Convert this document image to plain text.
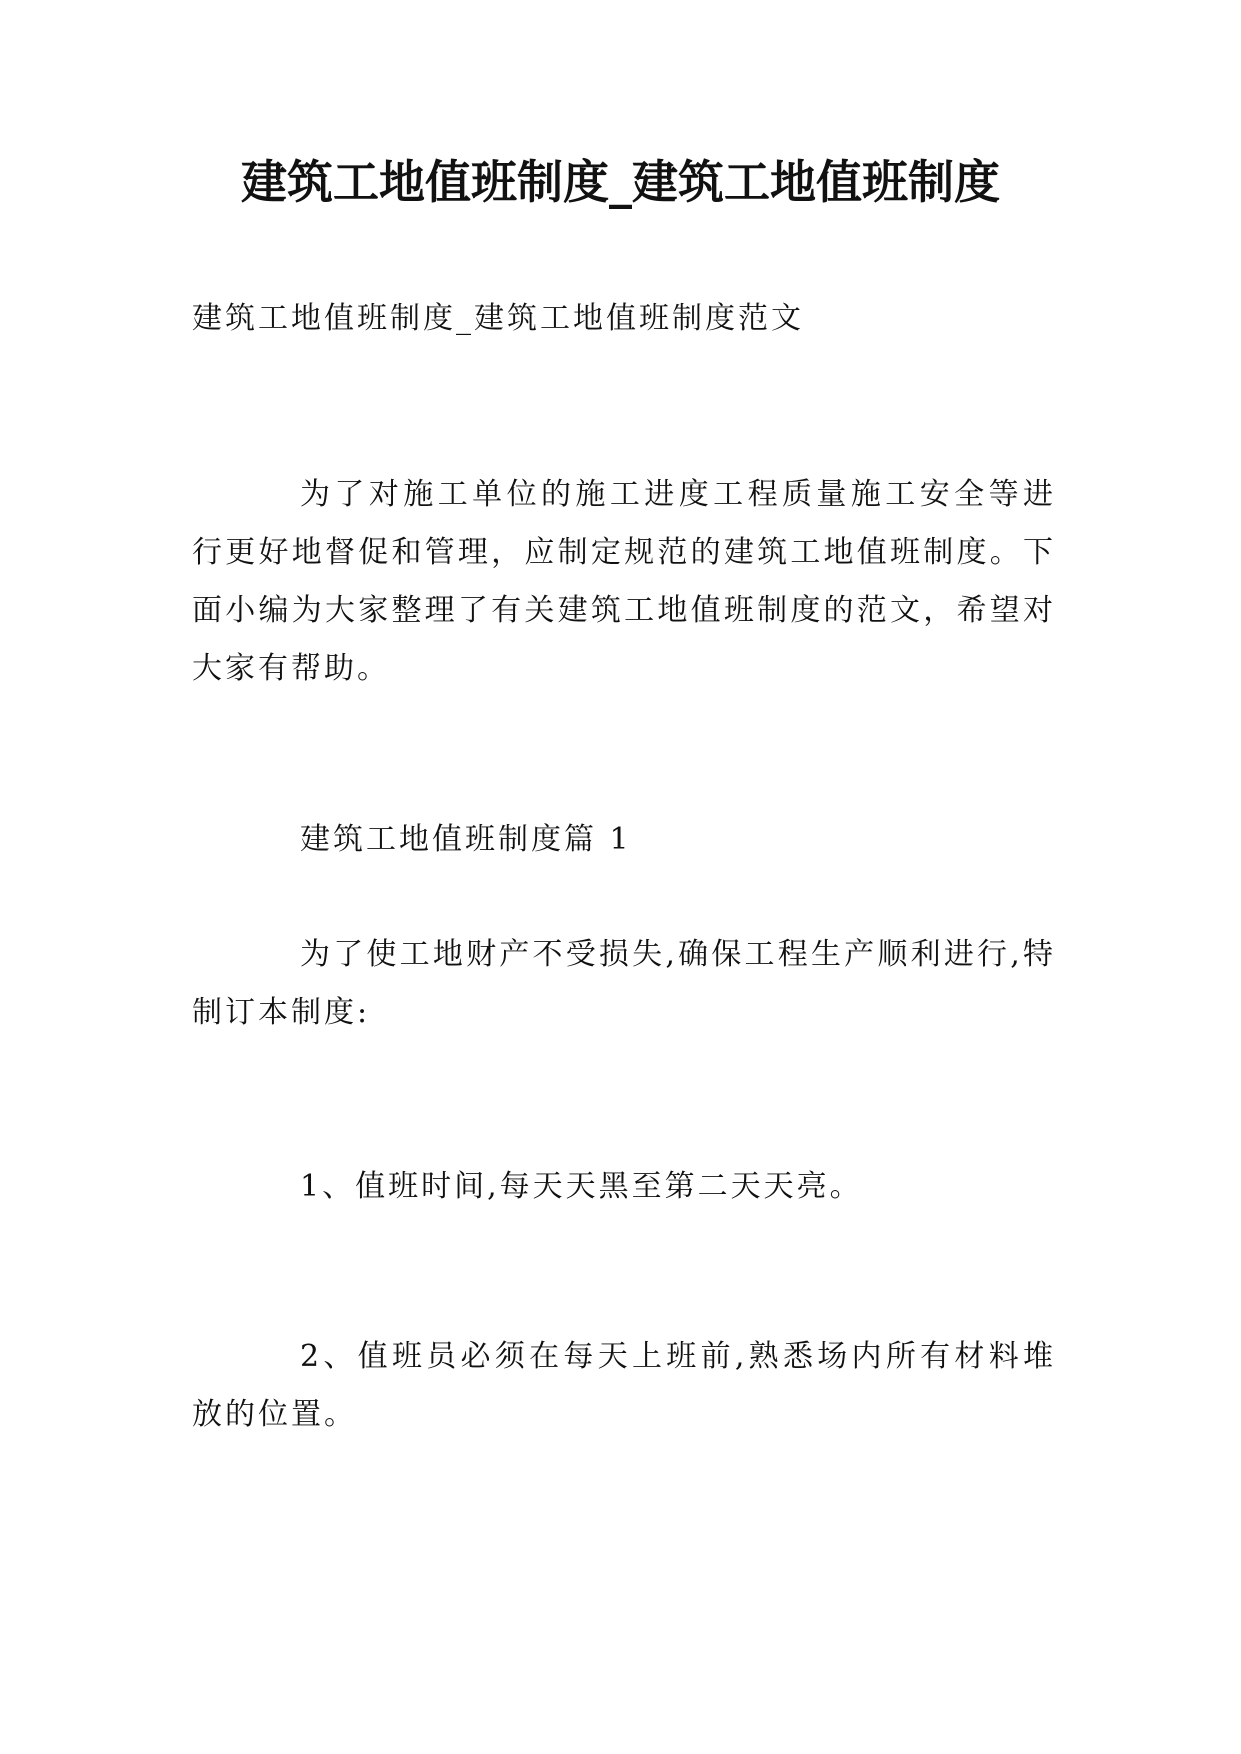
建筑工地值班制度_建筑工地值班制度

建筑工地值班制度_建筑工地值班制度范文

为了对施工单位的施工进度工程质量施工安全等进行更好地督促和管理，应制定规范的建筑工地值班制度。下面小编为大家整理了有关建筑工地值班制度的范文，希望对大家有帮助。

建筑工地值班制度篇 1

为了使工地财产不受损失,确保工程生产顺利进行,特制订本制度:

1、值班时间,每天天黑至第二天天亮。

2、值班员必须在每天上班前,熟悉场内所有材料堆放的位置。
